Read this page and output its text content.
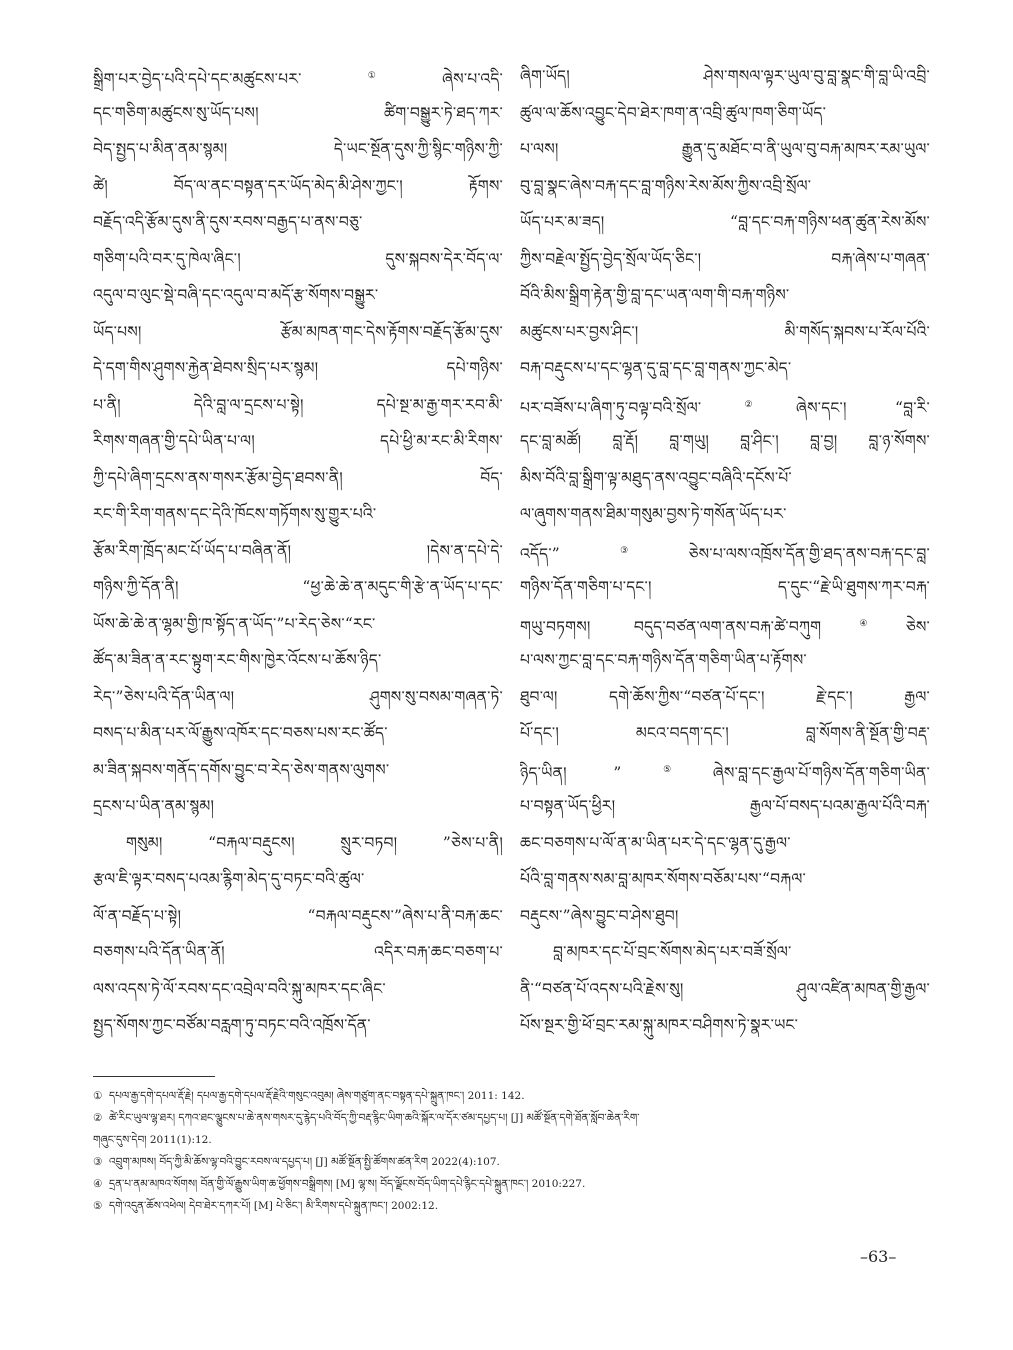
སྒྲིག་པར་བྱེད་པའི་དཔེ་དང་མཚུངས་པར་①ཞེས་པ་འདི་
དང་གཅིག་མཚུངས་སུ་ཡོད་པས། ཚིག་བསྒྱུར་ཏེ་ཐད་ཀར་
བེད་སྤྱད་པ་མིན་ནམ་སྙམ། དེ་ཡང་སྔོན་དུས་ཀྱི་སྙིང་གཉིས་ཀྱི་
ཚེ། བོད་ལ་ནང་བསྟན་དར་ཡོད་མེད་མི་ཤེས་ཀྱང་། རྟོགས་
བརྗོད་འདི་རྩོམ་དུས་ནི་དུས་རབས་བརྒྱད་པ་ནས་བཅུ་
གཅིག་པའི་བར་དུ་ཁེལ་ཞིང་། དུས་སྐབས་དེར་བོད་ལ་
འདུལ་བ་ལུང་སྡེ་བཞི་དང་འདུལ་བ་མདོ་རྩ་སོགས་བསྒྱུར་
ཡོད་པས། རྩོམ་མཁན་གང་དེས་རྟོགས་བརྗོད་རྩོམ་དུས་
དེ་དག་གིས་ཤུགས་རྐྱེན་ཐེབས་སྲིད་པར་སྙམ། དཔེ་གཉིས་
པ་ནི། དེའི་བླ་ལ་དྲངས་པ་སྟེ། དཔེ་སྔ་མ་རྒྱ་གར་རབ་མི་
རིགས་གཞན་གྱི་དཔེ་ཡིན་པ་ལ། དཔེ་ཕྱི་མ་རང་མི་རིགས་
ཀྱི་དཔེ་ཞིག་དྲངས་ནས་གསར་རྩོམ་བྱེད་ཐབས་ནི། བོད་
རང་གི་རིག་གནས་དང་དེའི་ཁོངས་གཏོགས་སུ་གྱུར་པའི་
རྩོམ་རིག་ཁྲོད་མང་པོ་ཡོད་པ་བཞིན་ནོ། །དེས་ན་དཔེ་དེ་
གཉིས་ཀྱི་དོན་ནི། “ཕྱ་ཆེ་ཆེ་ན་མདུང་གི་རྩེ་ན་ཡོད་པ་དང་
ཡོས་ཆེ་ཆེ་ན་ལྷམ་གྱི་ཁ་སྟོད་ན་ཡོད་”པ་རེད་ཅེས་“རང་
ཚོད་མ་ཟིན་ན་རང་སྟུག་རང་གིས་ཁྱེར་འོངས་པ་ཆོས་ཉིད་
རེད་”ཅེས་པའི་དོན་ཡིན་ལ། ཤུགས་སུ་བསམ་གཞན་ཏེ་
བསད་པ་མིན་པར་ལོ་རྒྱུས་འཁོར་དང་བཅས་པས་རང་ཚོད་
མ་ཟིན་སྐབས་གནོད་དགོས་བྱུང་བ་རེད་ཅེས་གནས་ལུགས་
དྲངས་པ་ཡིན་ནམ་སྙམ།
གསུམ། “བརྐལ་བརྡུངས། སྲུར་བཏབ། ”ཅེས་པ་ནི།
རྩལ་ཇི་ལྟར་བསད་པའམ་རྙིག་མེད་དུ་བཏང་བའི་ཚུལ་
ལོ་ན་བརྗོད་པ་སྟེ། “བརྐལ་བརྡུངས་”ཞེས་པ་ནི་བརྐ་ཆང་
བཅགས་པའི་དོན་ཡིན་ནོ། འདིར་བརྐ་ཆང་བཅག་པ་
ལས་འདས་ཏེ་ལོ་རབས་དང་འབྲེལ་བའི་སྐུ་མཁར་དང་ཞིང་
སྤྱད་སོགས་ཀྱང་བཙོམ་བརླག་ཏུ་བཏང་བའི་འཁྲོས་དོན་
ཞིག་ཡོད། ཤེས་གསལ་ལྟར་ཡུལ་བུ་བླ་སྣང་གི་བླ་ཡི་འབྲི་
ཚུལ་ལ་ཆོས་འབྱུང་དེབ་ཐེར་ཁག་ན་འབྲི་ཚུལ་ཁག་ཅིག་ཡོད་
པ་ལས། རྒྱུན་དུ་མཐོང་བ་ནི་ཡུལ་བུ་བརྐ་མཁར་རམ་ཡུལ་
བུ་བླ་སྣང་ཞེས་བརྐ་དང་བླ་གཉིས་རེས་མོས་ཀྱིས་འབྲི་སྲོལ་
ཡོད་པར་མ་ཟད། “བླ་དང་བརྐ་གཉིས་ཕན་ཚུན་རེས་མོས་
ཀྱིས་བརྗེལ་སྤྱོད་བྱེད་སྲོལ་ཡོད་ཅིང་། བརྐ་ཞེས་པ་གཞན་
བོའི་མིས་སྒྲིག་རྟེན་གྱི་བླ་དང་ཡན་ལག་གི་བརྐ་གཉིས་
མཚུངས་པར་བྱས་ཤིང་། མི་གསོད་སྐབས་པ་རོལ་པོའི་
བརྐ་བརྡུངས་པ་དང་ལྷན་དུ་བླ་དང་བླ་གནས་ཀྱང་མེད་
པར་བཟོས་པ་ཞིག་ཏུ་བལྟ་བའི་སྲོལ་②ཞེས་དང་། “བླ་རི་
དང་བླ་མཚོ། བླ་རྡོ། བླ་གཡུ། བླ་ཤིང་། བླ་བྱ། བླ་ཉ་སོགས་
མིས་བོའི་བླ་སྒྲིག་ལྟ་མཐུད་ནས་འབྱུང་བཞིའི་དངོས་པོ་
ལ་ཞུགས་གནས་ཐིམ་གསུམ་བྱས་ཏེ་གསོན་ཡོད་པར་
འདོད་”③ཅེས་པ་ལས་འཁྲོས་དོན་གྱི་ཐད་ནས་བརྐ་དང་བླ་
གཉིས་དོན་གཅིག་པ་དང་། ད་དུང་“རྗེ་ཡི་ཐུགས་ཀར་བརྐ་
གཡུ་བཏགས། བདུད་བཙན་ལག་ནས་བརྐ་ཚེ་བཀུག④ཅེས་
པ་ལས་ཀྱང་བླ་དང་བརྐ་གཉིས་དོན་གཅིག་ཡིན་པ་རྟོགས་
ཐུབ་ལ། དགེ་ཆོས་ཀྱིས་“བཙན་པོ་དང་། རྗེ་དང་། རྒྱལ་
པོ་དང་། མངའ་བདག་དང་། བླ་སོགས་ནི་སྔོན་གྱི་བརྡ་
ཉིད་ཡིན། ”⑤ཞེས་བླ་དང་རྒྱལ་པོ་གཉིས་དོན་གཅིག་ཡིན་
པ་བསྟན་ཡོད་ཕྱིར། རྒྱལ་པོ་བསད་པའམ་རྒྱལ་པོའི་བརྐ་
ཆང་བཅགས་པ་ལོ་ན་མ་ཡིན་པར་དེ་དང་ལྷན་དུ་རྒྱལ་
པོའི་བླ་གནས་སམ་བླ་མཁར་སོགས་བཅོམ་པས་“བརྐལ་
བརྡུངས་”ཞེས་བྱུང་བ་ཤེས་ཐུབ།
བླ་མཁར་དང་པོ་བྲང་སོགས་མེད་པར་བཟོ་སྲོལ་
ནི་“བཙན་པོ་འདས་པའི་རྗེས་སུ། ཤུལ་འཛིན་མཁན་གྱི་རྒྱལ་
པོས་སྔར་གྱི་ཕོ་བྲང་རམ་སྐུ་མཁར་བཤིགས་ཏེ་སྣར་ཡང་
① དཔལ་རྒྱ་དགེ་དཔལ་རྡོ་རྗེ། དཔལ་རྒྱ་དགེ་དཔལ་རྡོ་རྗེའི་གསུང་འབུམ། ཞེས་གཙུག་ནང་བསྟན་དཔེ་སྐྲུན་ཁང་། 2011: 142.
② ཚེ་རིང་ཡུལ་ལྷ་ཐར། དཀའ་ཐང་ལྕུངས་པ་ཆེ་ནས་གསར་དུ་རྙེད་པའི་བོད་ཀྱི་བརྡ་རྙིང་ཡིག་ཆའི་སྐོར་ལ་དོར་ཙམ་དཔྱད་པ། [J] མཚོ་སྔོན་དགེ་ཐོན་སློབ་ཆེན་རིག་
གཞུང་དུས་དེབ། 2011(1):12.
③ འབྲུག་མཁས། བོད་ཀྱི་མི་ཆོས་ལྷ་བའི་བྱུང་རབས་ལ་དཔྱད་པ། [J] མཚོ་སྔོན་སྤྱི་ཚོགས་ཚན་རིག 2022(4):107.
④ དྲན་པ་ནམ་མཁའ་སོགས། བོན་གྱི་ལོ་རྒྱུས་ཡིག་ཆ་ཕྱོགས་བསྒྲིགས། [M] ལྷ་ས། བོད་ལྗོངས་བོད་ཡིག་དཔེ་རྙིང་དཔེ་སྐྲུན་ཁང་། 2010:227.
⑤ དགེ་འདུན་ཆོས་འཕེལ། དེབ་ཐེར་དཀར་པོ། [M] པེ་ཅིང་། མི་རིགས་དཔེ་སྐྲུན་ཁང་། 2002:12.
–63–
